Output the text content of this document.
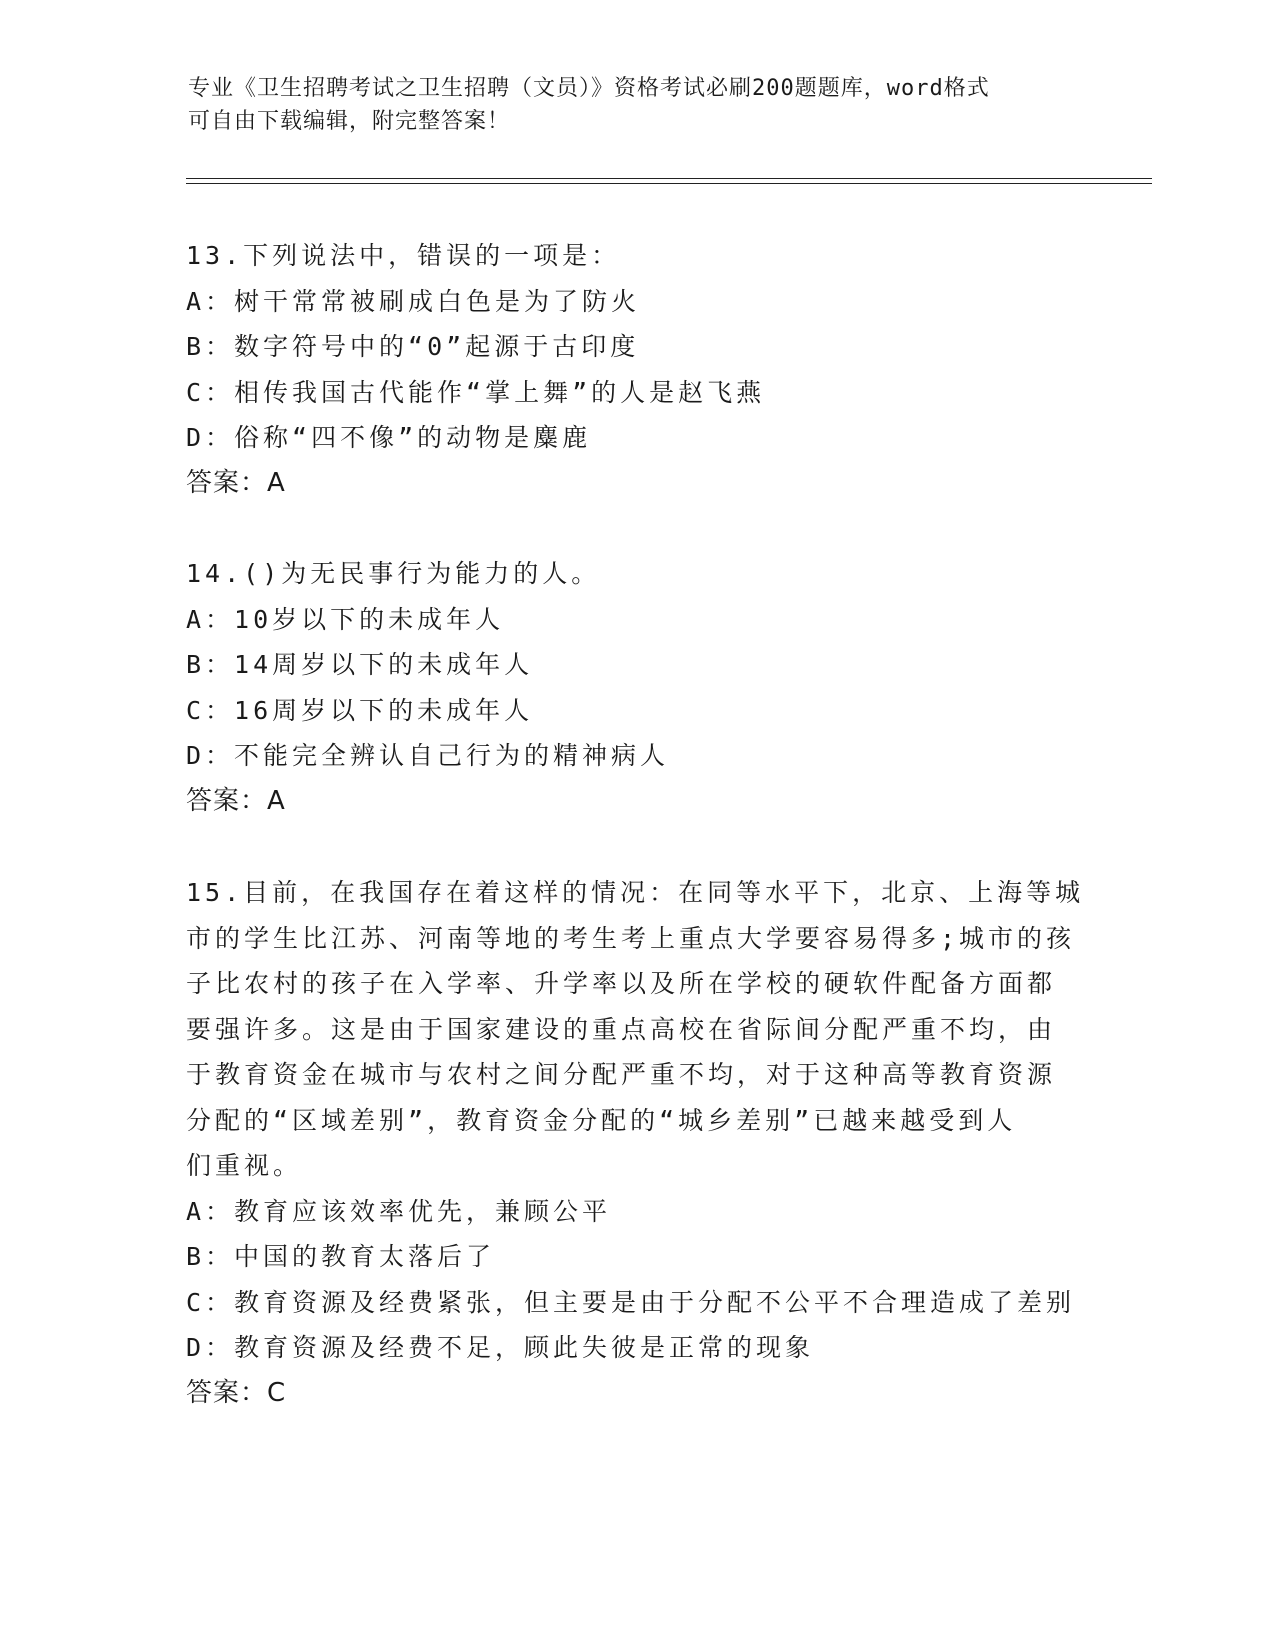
专业《卫生招聘考试之卫生招聘（文员）》资格考试必刷200题题库，word格式
可自由下载编辑，附完整答案！
13.下列说法中，错误的一项是：
A：树干常常被刷成白色是为了防火
B：数字符号中的“0”起源于古印度
C：相传我国古代能作“掌上舞”的人是赵飞燕
D：俗称“四不像”的动物是麋鹿
答案：A
14.()为无民事行为能力的人。
A：10岁以下的未成年人
B：14周岁以下的未成年人
C：16周岁以下的未成年人
D：不能完全辨认自己行为的精神病人
答案：A
15.目前，在我国存在着这样的情况：在同等水平下，北京、上海等城
市的学生比江苏、河南等地的考生考上重点大学要容易得多;城市的孩
子比农村的孩子在入学率、升学率以及所在学校的硬软件配备方面都
要强许多。这是由于国家建设的重点高校在省际间分配严重不均，由
于教育资金在城市与农村之间分配严重不均，对于这种高等教育资源
分配的“区域差别”，教育资金分配的“城乡差别”已越来越受到人
们重视。
A：教育应该效率优先，兼顾公平
B：中国的教育太落后了
C：教育资源及经费紧张，但主要是由于分配不公平不合理造成了差别
D：教育资源及经费不足，顾此失彼是正常的现象
答案：C
